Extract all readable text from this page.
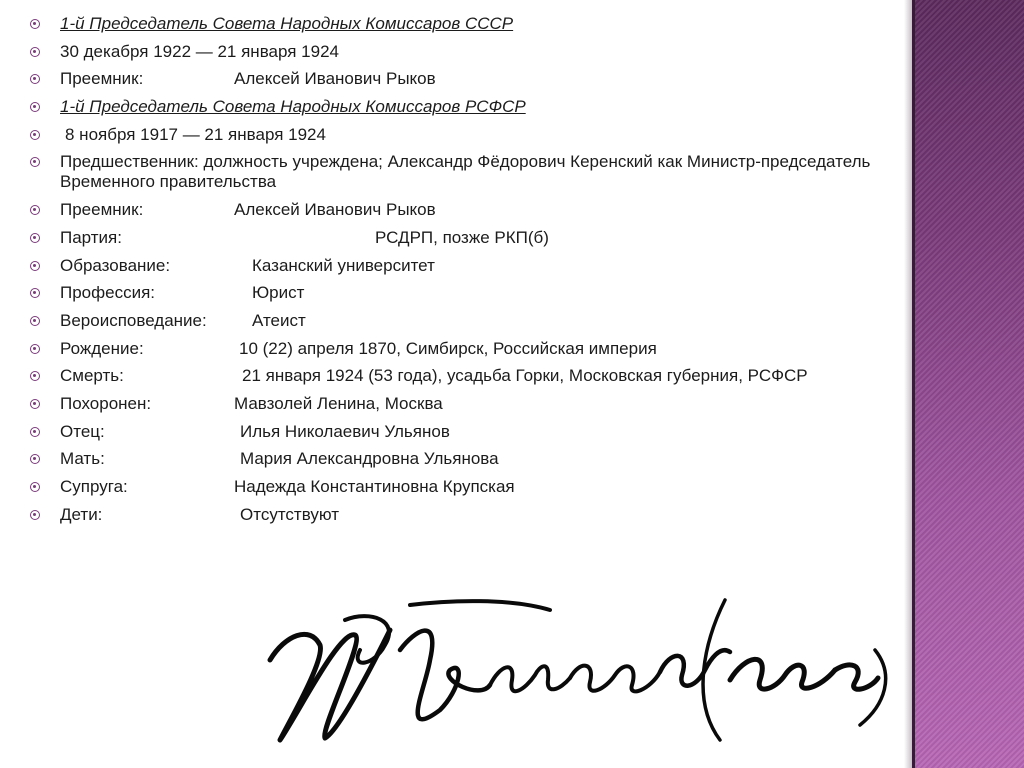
1-й Председатель Совета Народных Комиссаров СССР
30 декабря 1922 — 21 января 1924
Преемник:	Алексей Иванович Рыков
1-й Председатель Совета Народных Комиссаров РСФСР
8 ноября 1917 — 21 января 1924
Предшественник: должность учреждена; Александр Фёдорович Керенский как Министр-председатель Временного правительства
Преемник:	Алексей Иванович Рыков
Партия:	РСДРП, позже РКП(б)
Образование:	Казанский университет
Профессия:	Юрист
Вероисповедание:	Атеист
Рождение:	10 (22) апреля 1870, Симбирск, Российская империя
Смерть:	21 января 1924 (53 года), усадьба Горки, Московская губерния, РСФСР
Похоронен:	Мавзолей Ленина, Москва
Отец:	Илья Николаевич Ульянов
Мать:	Мария Александровна Ульянова
Супруга:	Надежда Константиновна Крупская
Дети:	Отсутствуют
